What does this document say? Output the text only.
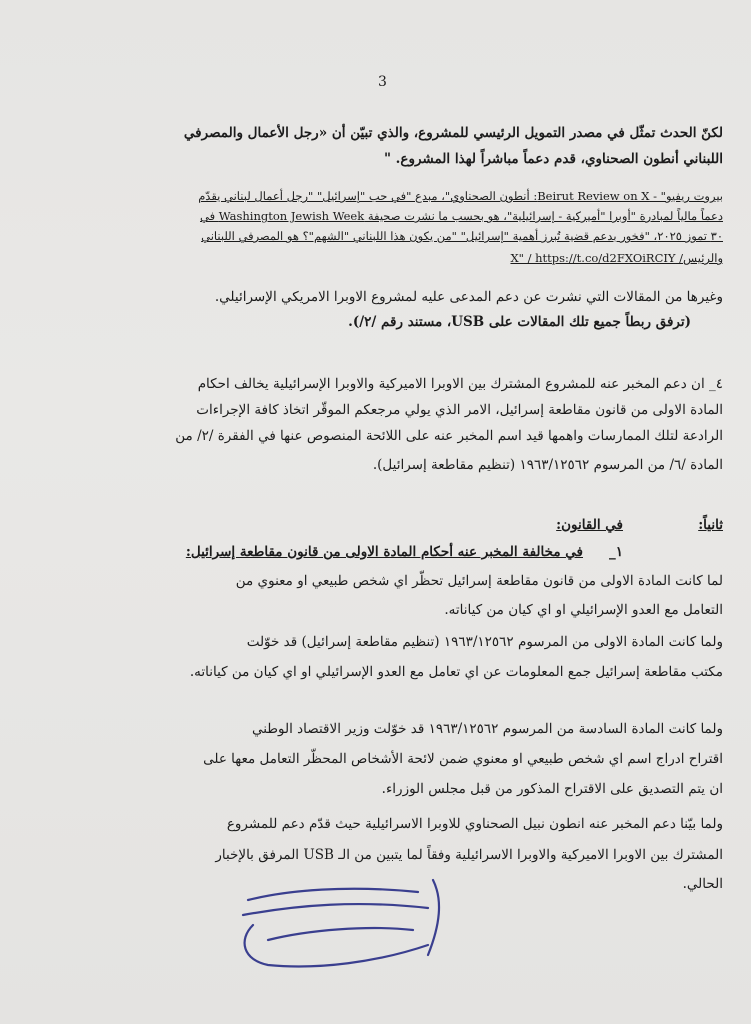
3
لكنّ الحدث تمثّل في مصدر التمويل الرئيسي للمشروع، والذي تبيّن أن «رجل الأعمال والمصرفي
اللبناني أنطون الصحناوي، قدم دعماً مباشراً لهذا المشروع. "
بيروت ريفيو" - Beirut Review on X: أنطون الصحناوي"، مبدع "في حب "إسرائيل" "رجل أعمال لبناني يقدّم
دعماً مالياً لمبادرة "أوبرا "أميركية - إسرائيلية"، هو بحسب ما نشرت صحيفة Washington Jewish Week في
٣٠ تموز ٢٠٢٥، "فخور بدعم قضية تُبرز أهمية "إسرائيل" "من يكون هذا اللبناني "الشهم"؟ هو المصرفي اللبناني
والرئيس/ X" / https://t.co/d2FXOiRCIY
وغيرها من المقالات التي نشرت عن دعم المدعى عليه لمشروع الاوبرا الامريكي الإسرائيلي.
(ترفق ربطاً جميع تلك المقالات على USB، مستند رقم /٢/).
٤_ ان دعم المخبر عنه للمشروع المشترك بين الاوبرا الاميركية والاوبرا الإسرائيلية يخالف احكام
المادة الاولى من قانون مقاطعة إسرائيل، الامر الذي يولي مرجعكم الموقّر اتخاذ كافة الإجراءات
الرادعة لتلك الممارسات واهمها قيد اسم المخبر عنه على اللائحة المنصوص عنها في الفقرة /٢/ من
المادة /٦/ من المرسوم ١٩٦٣/١٢٥٦٢ (تنظيم مقاطعة إسرائيل).
ثانياً:
في القانون:
١_
في مخالفة المخبر عنه أحكام المادة الاولى من قانون مقاطعة إسرائيل:
لما كانت المادة الاولى من قانون مقاطعة إسرائيل تحظّر اي شخص طبيعي او معنوي من
التعامل مع العدو الإسرائيلي او اي كيان من كياناته.
ولما كانت المادة الاولى من المرسوم ١٩٦٣/١٢٥٦٢ (تنظيم مقاطعة إسرائيل) قد خوّلت
مكتب مقاطعة إسرائيل جمع المعلومات عن اي تعامل مع العدو الإسرائيلي او اي كيان من كياناته.
ولما كانت المادة السادسة من المرسوم ١٩٦٣/١٢٥٦٢ قد خوّلت وزير الاقتصاد الوطني
اقتراح ادراج اسم اي شخص طبيعي او معنوي ضمن لائحة الأشخاص المحظّر التعامل معها على
ان يتم التصديق على الاقتراح المذكور من قبل مجلس الوزراء.
ولما بيّنا دعم المخبر عنه انطون نبيل الصحناوي للاوبرا الاسرائيلية حيث قدّم دعم للمشروع
المشترك بين الاوبرا الاميركية والاوبرا الاسرائيلية وفقاً لما يتبين من الـ USB المرفق بالإخبار
الحالي.
